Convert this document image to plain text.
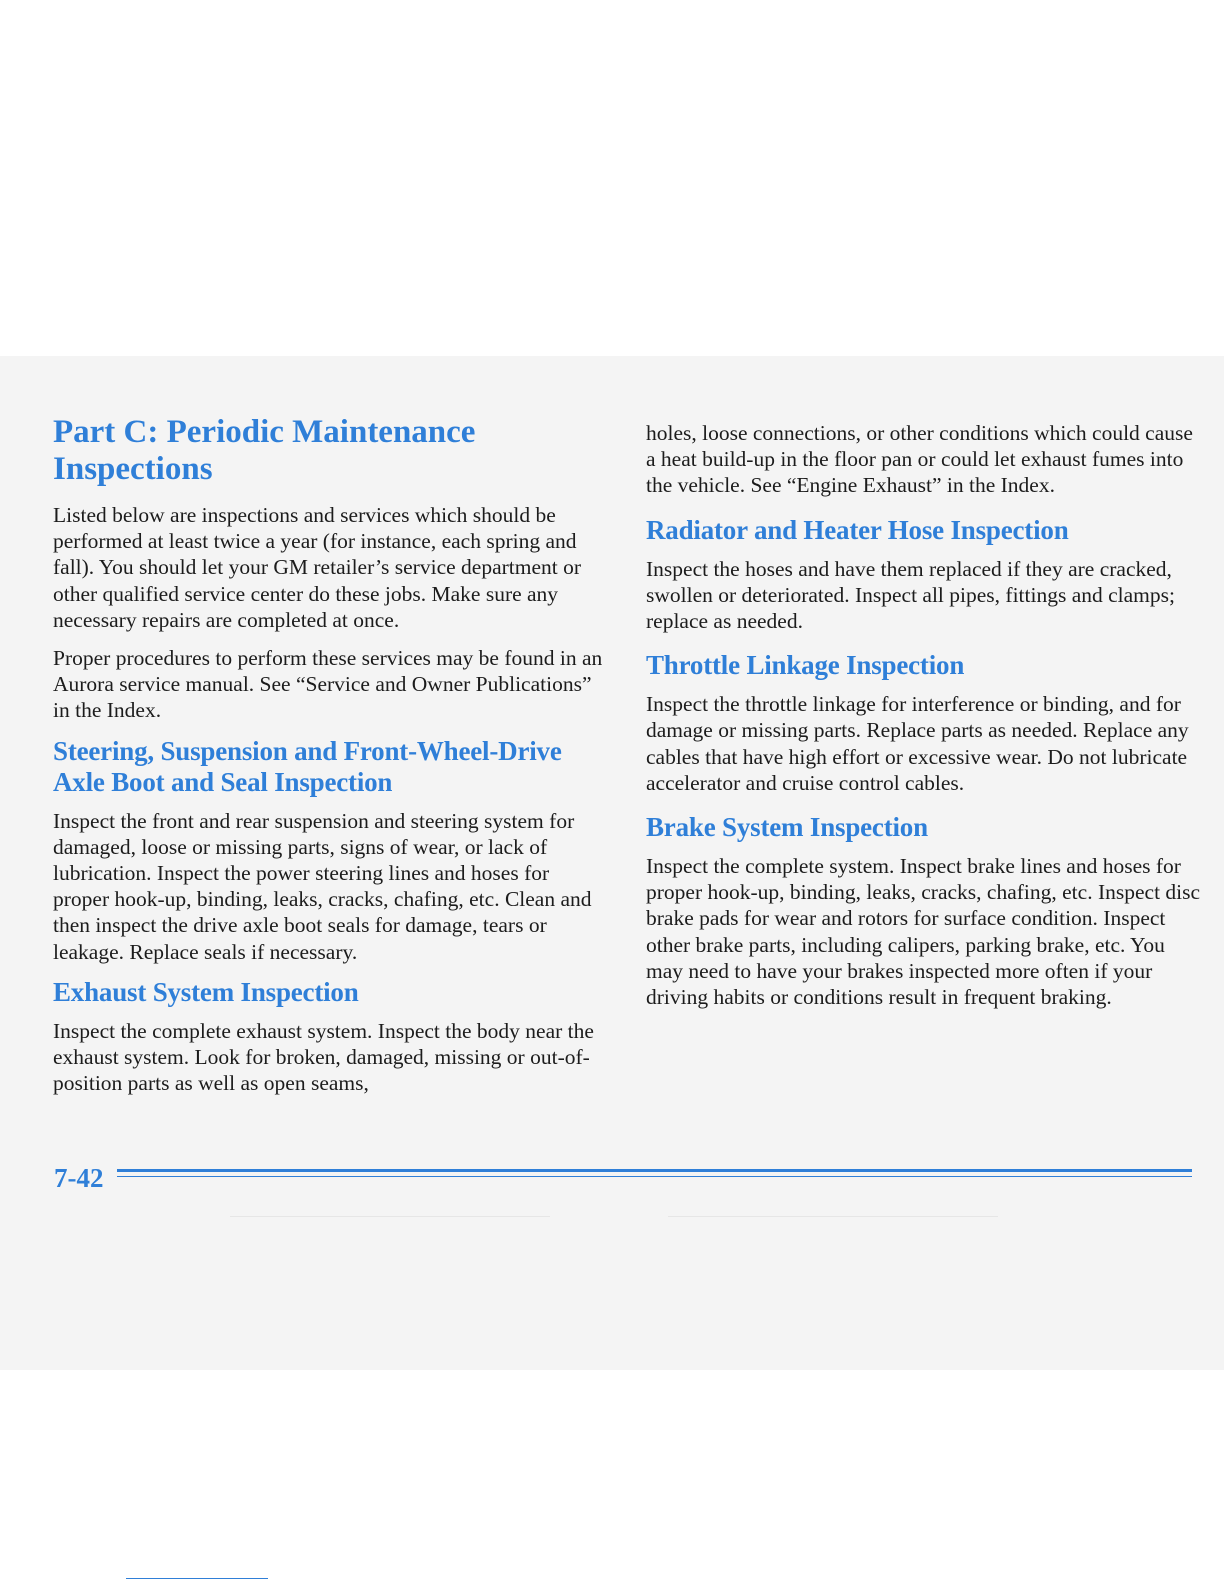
Part C: Periodic Maintenance Inspections

Listed below are inspections and services which should be performed at least twice a year (for instance, each spring and fall). You should let your GM retailer’s service department or other qualified service center do these jobs. Make sure any necessary repairs are completed at once.

Proper procedures to perform these services may be found in an Aurora service manual. See “Service and Owner Publications” in the Index.

Steering, Suspension and Front-Wheel-Drive Axle Boot and Seal Inspection

Inspect the front and rear suspension and steering system for damaged, loose or missing parts, signs of wear, or lack of lubrication. Inspect the power steering lines and hoses for proper hook-up, binding, leaks, cracks, chafing, etc. Clean and then inspect the drive axle boot seals for damage, tears or leakage. Replace seals if necessary.

Exhaust System Inspection

Inspect the complete exhaust system. Inspect the body near the exhaust system. Look for broken, damaged, missing or out-of-position parts as well as open seams,

holes, loose connections, or other conditions which could cause a heat build-up in the floor pan or could let exhaust fumes into the vehicle. See “Engine Exhaust” in the Index.

Radiator and Heater Hose Inspection

Inspect the hoses and have them replaced if they are cracked, swollen or deteriorated. Inspect all pipes, fittings and clamps; replace as needed.

Throttle Linkage Inspection

Inspect the throttle linkage for interference or binding, and for damage or missing parts. Replace parts as needed. Replace any cables that have high effort or excessive wear. Do not lubricate accelerator and cruise control cables.

Brake System Inspection

Inspect the complete system. Inspect brake lines and hoses for proper hook-up, binding, leaks, cracks, chafing, etc. Inspect disc brake pads for wear and rotors for surface condition. Inspect other brake parts, including calipers, parking brake, etc. You may need to have your brakes inspected more often if your driving habits or conditions result in frequent braking.

7-42
